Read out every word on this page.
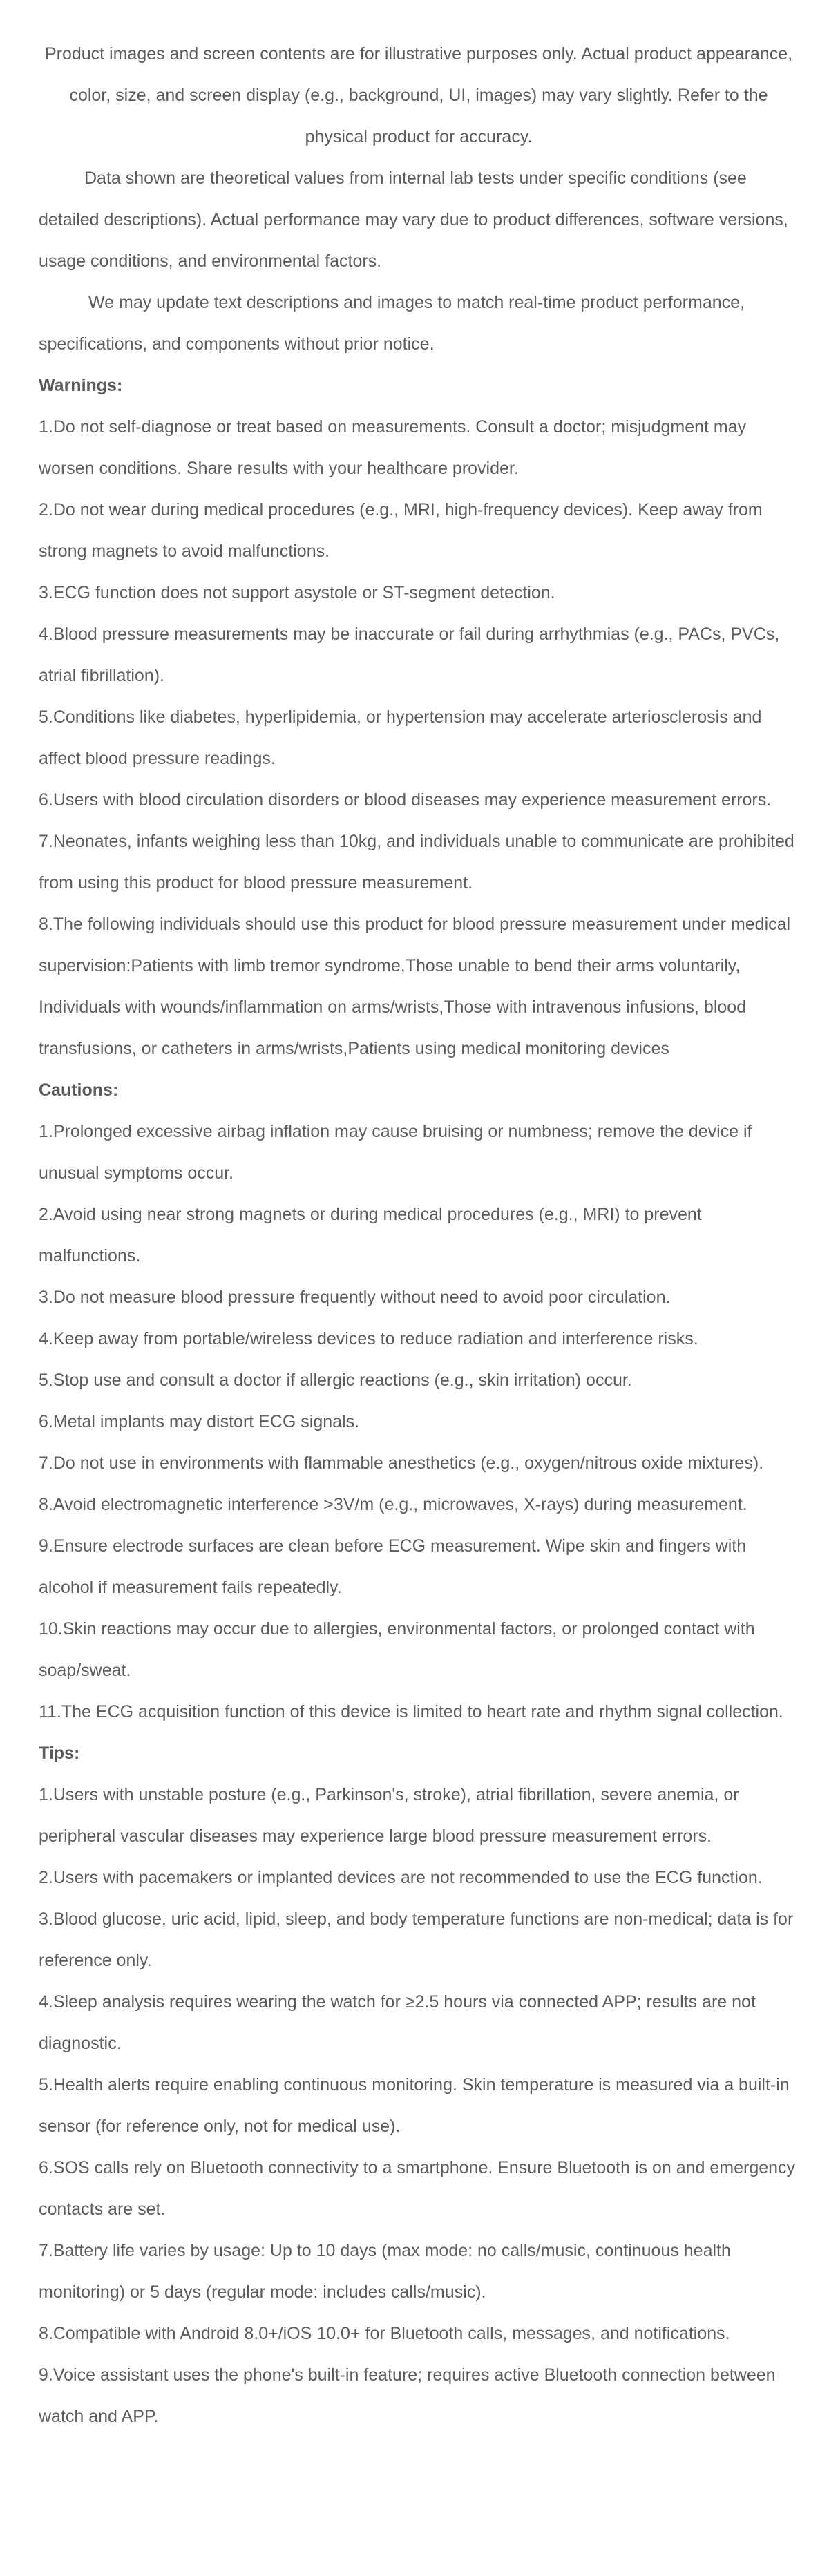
Product images and screen contents are for illustrative purposes only. Actual product appearance, color, size, and screen display (e.g., background, UI, images) may vary slightly. Refer to the physical product for accuracy.

Data shown are theoretical values from internal lab tests under specific conditions (see detailed descriptions). Actual performance may vary due to product differences, software versions, usage conditions, and environmental factors.

We may update text descriptions and images to match real-time product performance, specifications, and components without prior notice.

Warnings:

1.Do not self-diagnose or treat based on measurements. Consult a doctor; misjudgment may worsen conditions. Share results with your healthcare provider.

2.Do not wear during medical procedures (e.g., MRI, high-frequency devices). Keep away from strong magnets to avoid malfunctions.

3.ECG function does not support asystole or ST-segment detection.

4.Blood pressure measurements may be inaccurate or fail during arrhythmias (e.g., PACs, PVCs, atrial fibrillation).

5.Conditions like diabetes, hyperlipidemia, or hypertension may accelerate arteriosclerosis and affect blood pressure readings.

6.Users with blood circulation disorders or blood diseases may experience measurement errors.

7.Neonates, infants weighing less than 10kg, and individuals unable to communicate are prohibited from using this product for blood pressure measurement.

8.The following individuals should use this product for blood pressure measurement under medical supervision:Patients with limb tremor syndrome,Those unable to bend their arms voluntarily, Individuals with wounds/inflammation on arms/wrists,Those with intravenous infusions, blood transfusions, or catheters in arms/wrists,Patients using medical monitoring devices

Cautions:

1.Prolonged excessive airbag inflation may cause bruising or numbness; remove the device if unusual symptoms occur.

2.Avoid using near strong magnets or during medical procedures (e.g., MRI) to prevent malfunctions.

3.Do not measure blood pressure frequently without need to avoid poor circulation.

4.Keep away from portable/wireless devices to reduce radiation and interference risks.

5.Stop use and consult a doctor if allergic reactions (e.g., skin irritation) occur.

6.Metal implants may distort ECG signals.

7.Do not use in environments with flammable anesthetics (e.g., oxygen/nitrous oxide mixtures).

8.Avoid electromagnetic interference >3V/m (e.g., microwaves, X-rays) during measurement.

9.Ensure electrode surfaces are clean before ECG measurement. Wipe skin and fingers with alcohol if measurement fails repeatedly.

10.Skin reactions may occur due to allergies, environmental factors, or prolonged contact with soap/sweat.

11.The ECG acquisition function of this device is limited to heart rate and rhythm signal collection.

Tips:

1.Users with unstable posture (e.g., Parkinson's, stroke), atrial fibrillation, severe anemia, or peripheral vascular diseases may experience large blood pressure measurement errors.

2.Users with pacemakers or implanted devices are not recommended to use the ECG function.

3.Blood glucose, uric acid, lipid, sleep, and body temperature functions are non-medical; data is for reference only.

4.Sleep analysis requires wearing the watch for ≥2.5 hours via connected APP; results are not diagnostic.

5.Health alerts require enabling continuous monitoring. Skin temperature is measured via a built-in sensor (for reference only, not for medical use).

6.SOS calls rely on Bluetooth connectivity to a smartphone. Ensure Bluetooth is on and emergency contacts are set.

7.Battery life varies by usage: Up to 10 days (max mode: no calls/music, continuous health monitoring) or 5 days (regular mode: includes calls/music).

8.Compatible with Android 8.0+/iOS 10.0+ for Bluetooth calls, messages, and notifications.

9.Voice assistant uses the phone's built-in feature; requires active Bluetooth connection between watch and APP.
